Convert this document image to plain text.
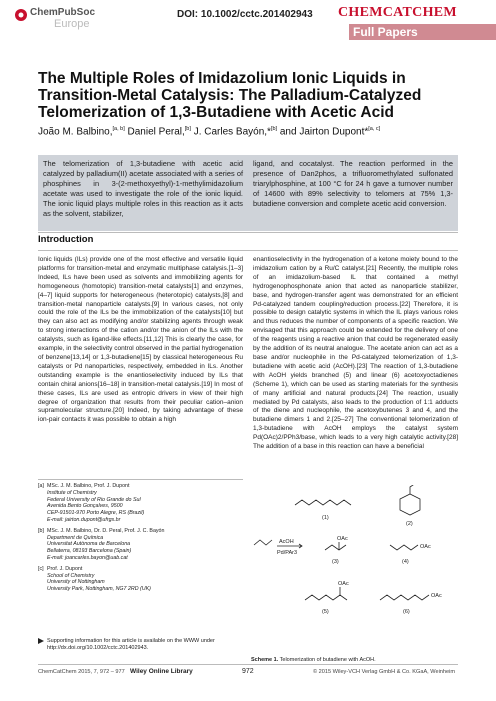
ChemPubSoc
Europe
DOI: 10.1002/cctc.201402943 CHEMCATCHEM
Full Papers
The Multiple Roles of Imidazolium Ionic Liquids in Transition-Metal Catalysis: The Palladium-Catalyzed Telomerization of 1,3-Butadiene with Acetic Acid
João M. Balbino,[a, b] Daniel Peral,[b] J. Carles Bayón,*[b] and Jairton Dupont*[a, c]
The telomerization of 1,3-butadiene with acetic acid catalyzed by palladium(II) acetate associated with a series of phosphines in 3-(2-methoxyethyl)-1-methylimidazolium acetate was used to investigate the role of the ionic liquid. The ionic liquid plays multiple roles in this reaction as it acts as the solvent, stabilizer,
ligand, and cocatalyst. The reaction performed in the presence of Dan2phos, a trifluoromethylated sulfonated triarylphosphine, at 100 °C for 24 h gave a turnover number of 14600 with 89% selectivity to telomers at 75% 1,3-butadiene conversion and complete acetic acid conversion.
Introduction
Ionic liquids (ILs) provide one of the most effective and versatile liquid platforms for transition-metal and enzymatic multiphase catalysis.[1–3] Indeed, ILs have been used as solvents and immobilizing agents for homogeneous (homotopic) transition-metal catalysts[1] and enzymes,[4–7] liquid supports for heterogeneous (heterotopic) catalysts,[8] and transition-metal nanoparticle catalysts.[9] In various cases, not only could the role of the ILs be the immobilization of the catalysts[10] but they can also act as modifying and/or stabilizing agents through weak to strong interactions of the cation and/or the anion of the ILs with the catalysts, such as ligand-like effects.[11,12] This is clearly the case, for example, in the selectivity control observed in the partial hydrogenation of benzene[13,14] or 1,3-butadiene[15] by classical heterogeneous Ru catalysts or Pd nanoparticles, respectively, embedded in ILs. Another outstanding example is the enantioselectivity induced by ILs that contain chiral anions[16–18] in transition-metal catalysis.[19] In most of these cases, ILs are used as entropic drivers in view of their high degree of organization that results from their peculiar cation–anion supramolecular structure.[20] Indeed, by taking advantage of these ion-pair contacts it was possible to obtain a high
enantioselectivity in the hydrogenation of a ketone moiety bound to the imidazolium cation by a Ru/C catalyst.[21] Recently, the multiple roles of an imidazolium-based IL that contained a methyl hydrogenophosphonate anion that acted as nanoparticle stabilizer, base, and hydrogen-transfer agent was demonstrated for an efficient Pd-catalyzed tandem coupling/reduction process.[22] Therefore, it is possible to design catalytic systems in which the IL plays various roles and thus reduces the number of components of a specific reaction. We envisaged that this approach could be extended for the delivery of one of the reagents using a reactive anion that could be regenerated easily by the addition of its neutral analogue. The acetate anion can act as a base and/or nucleophile in the Pd-catalyzed telomerization of 1,3-butadiene with acetic acid (AcOH).[23] The reaction of 1,3-butadiene with AcOH yields branched (5) and linear (6) acetoxyoctadienes (Scheme 1), which can be used as starting materials for the synthesis of many artificial and natural products.[24] The reaction, usually mediated by Pd catalysts, also leads to the production of 1:1 adducts of the diene and nucleophile, the acetoxybutenes 3 and 4, and the butadiene dimers 1 and 2.[25–27] The conventional telomerization of 1,3-butadiene with AcOH employs the catalyst system Pd(OAc)2/PPh3/base, which leads to a very high catalytic activity.[28] The addition of a base in this reaction can have a beneficial
[a] MSc. J. M. Balbino, Prof. J. Dupont
Institute of Chemistry
Federal University of Rio Grande do Sul
Avenida Bento Gonçalves, 9500
CEP-91501-970 Porto Alegre, RS (Brazil)
E-mail: jairton.dupont@ufrgs.br
[b] MSc. J. M. Balbino, Dr. D. Peral, Prof. J. C. Bayón
Department de Química
Universitat Autònoma de Barcelona
Bellaterra, 08193 Barcelona (Spain)
E-mail: joancarles.bayon@uab.cat
[c] Prof. J. Dupont
School of Chemistry
University of Nottingham
University Park, Nottingham, NG7 2RD (UK)
Supporting information for this article is available on the WWW under http://dx.doi.org/10.1002/cctc.201402943.
AcOH
Pd/PAr3
OAc
OAc
OAc
OAc
(1)
(2)
(3)	(4)
(5)	(6)
Scheme 1. Telomerization of butadiene with AcOH.
ChemCatChem 2015, 7, 972 – 977 Wiley Online Library	972	© 2015 Wiley-VCH Verlag GmbH & Co. KGaA, Weinheim
